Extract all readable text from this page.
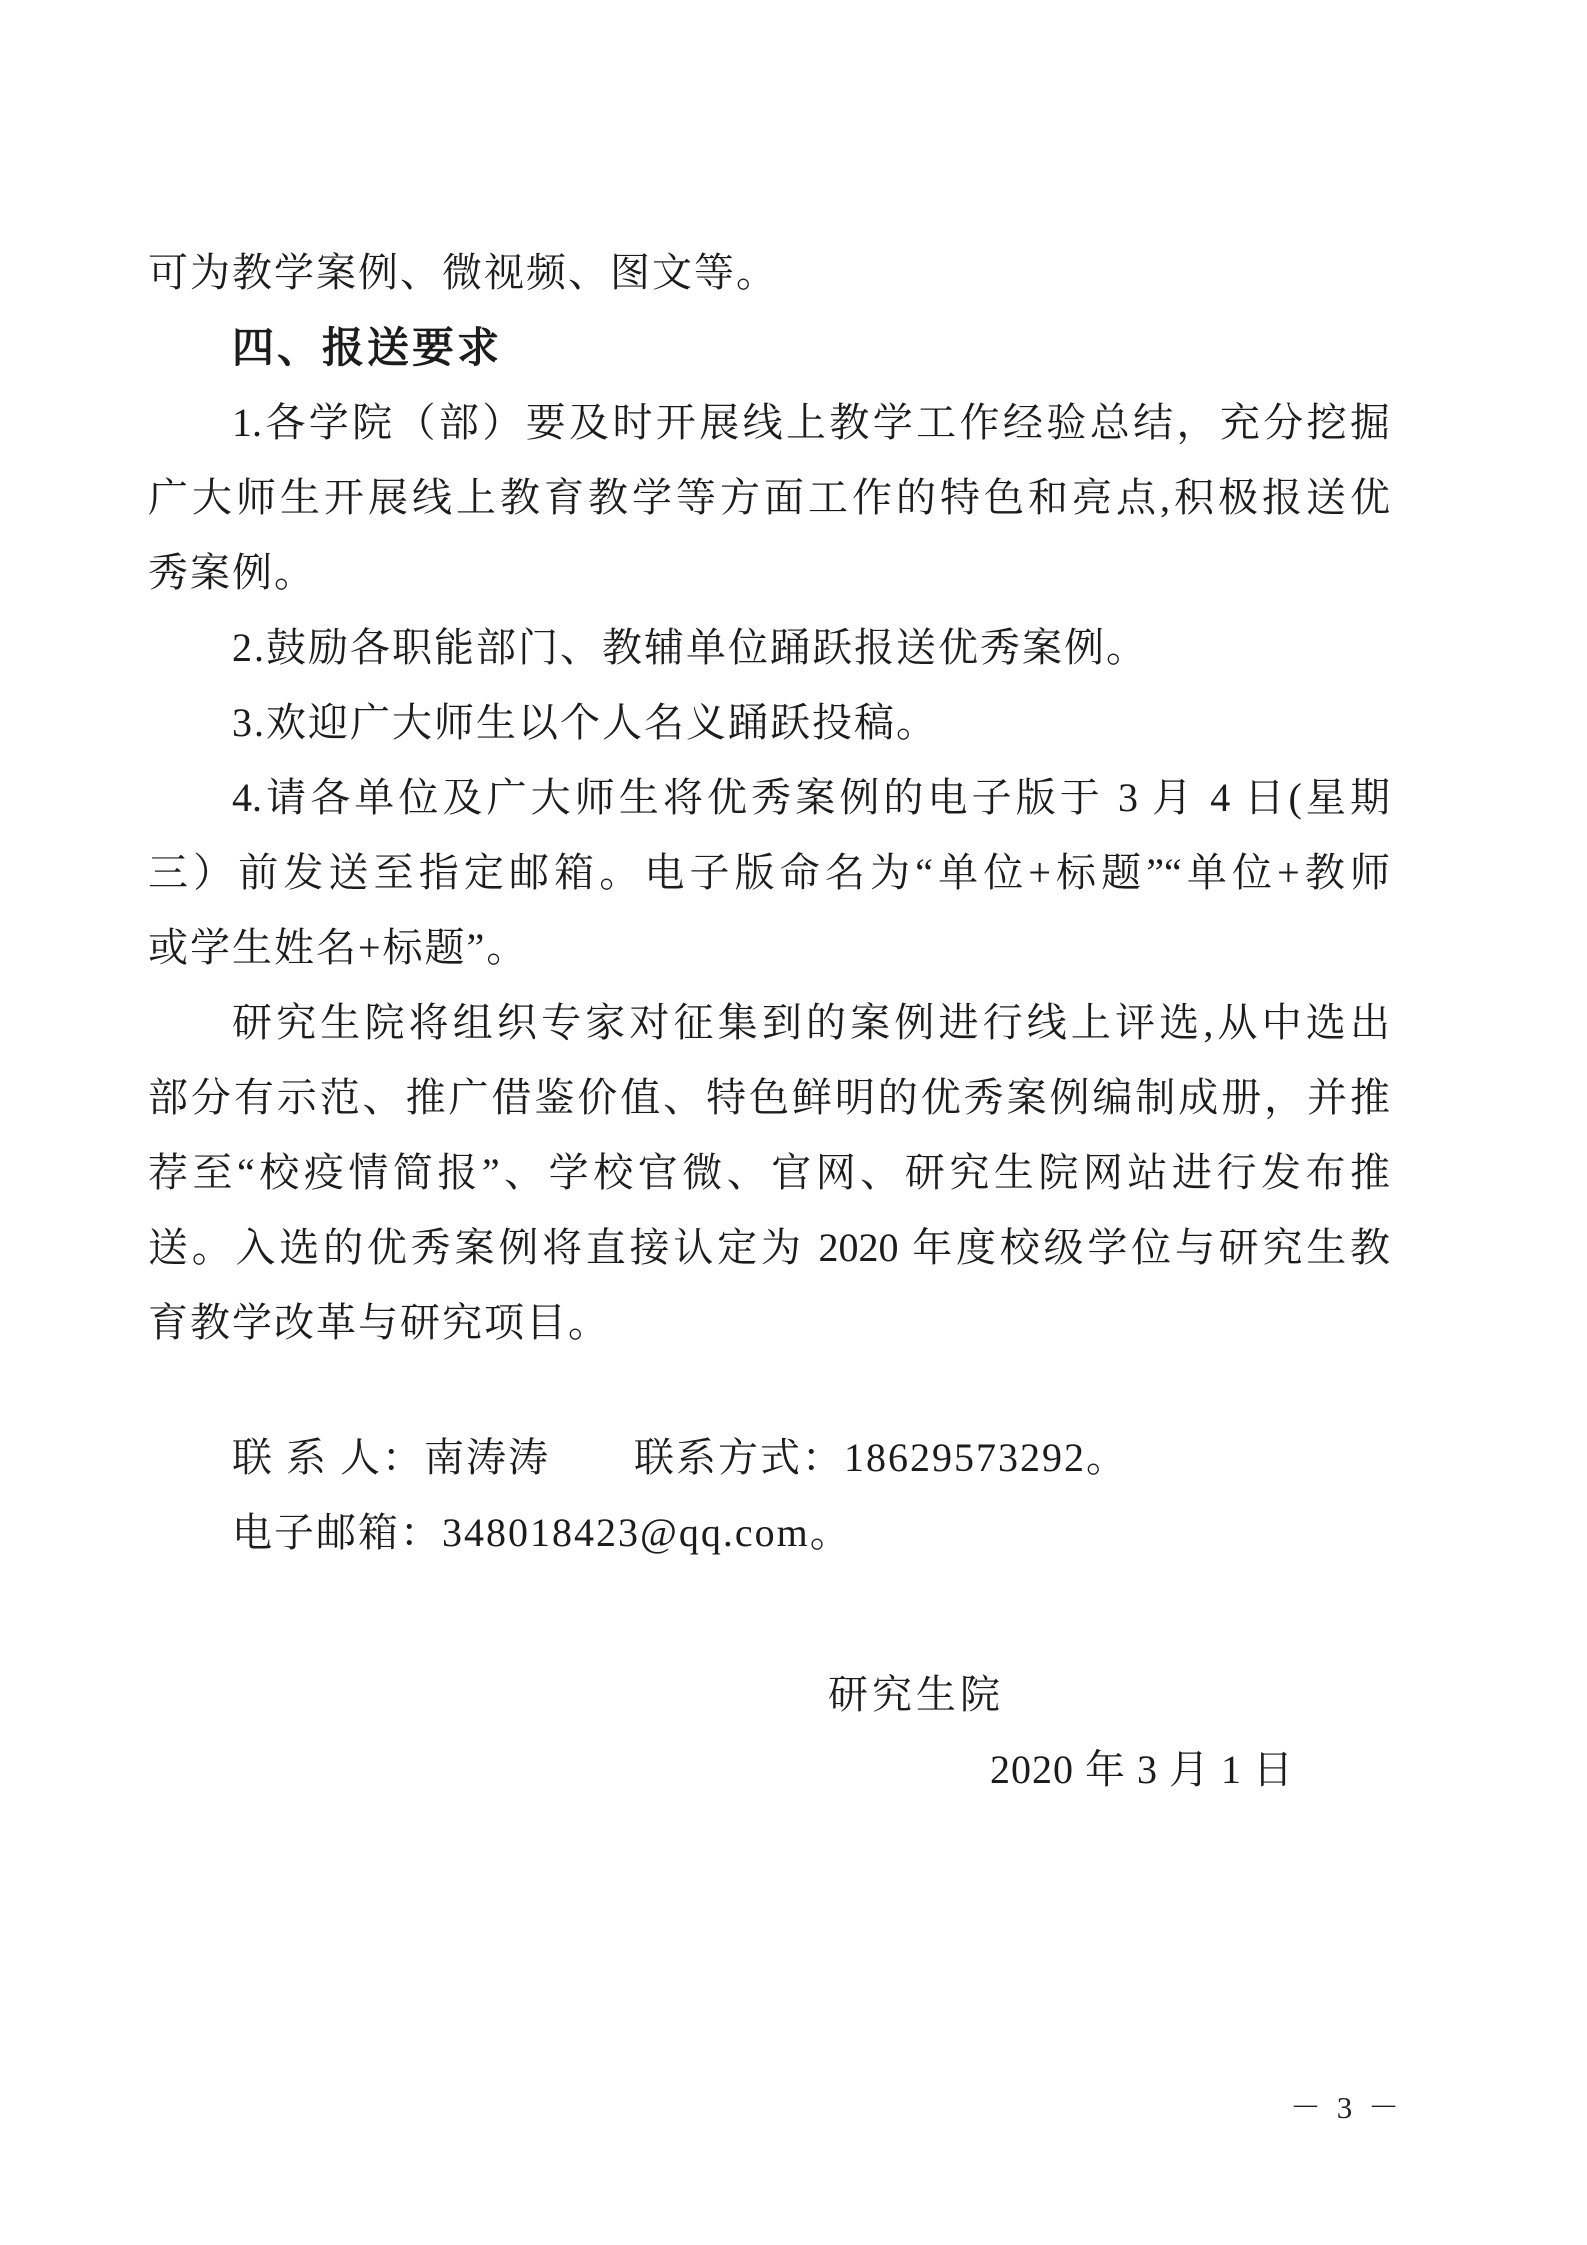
可为教学案例、微视频、图文等。
四、报送要求
1.各学院（部）要及时开展线上教学工作经验总结，充分挖掘
广大师生开展线上教育教学等方面工作的特色和亮点,积极报送优
秀案例。
2.鼓励各职能部门、教辅单位踊跃报送优秀案例。
3.欢迎广大师生以个人名义踊跃投稿。
4.请各单位及广大师生将优秀案例的电子版于 3 月 4 日(星期
三）前发送至指定邮箱。电子版命名为“单位+标题”“单位+教师
或学生姓名+标题”。
研究生院将组织专家对征集到的案例进行线上评选,从中选出
部分有示范、推广借鉴价值、特色鲜明的优秀案例编制成册，并推
荐至“校疫情简报”、学校官微、官网、研究生院网站进行发布推
送。入选的优秀案例将直接认定为 2020 年度校级学位与研究生教
育教学改革与研究项目。
联 系 人：南涛涛　　联系方式：18629573292。
电子邮箱：348018423@qq.com。
研究生院
2020 年 3 月 1 日
－ 3 －
